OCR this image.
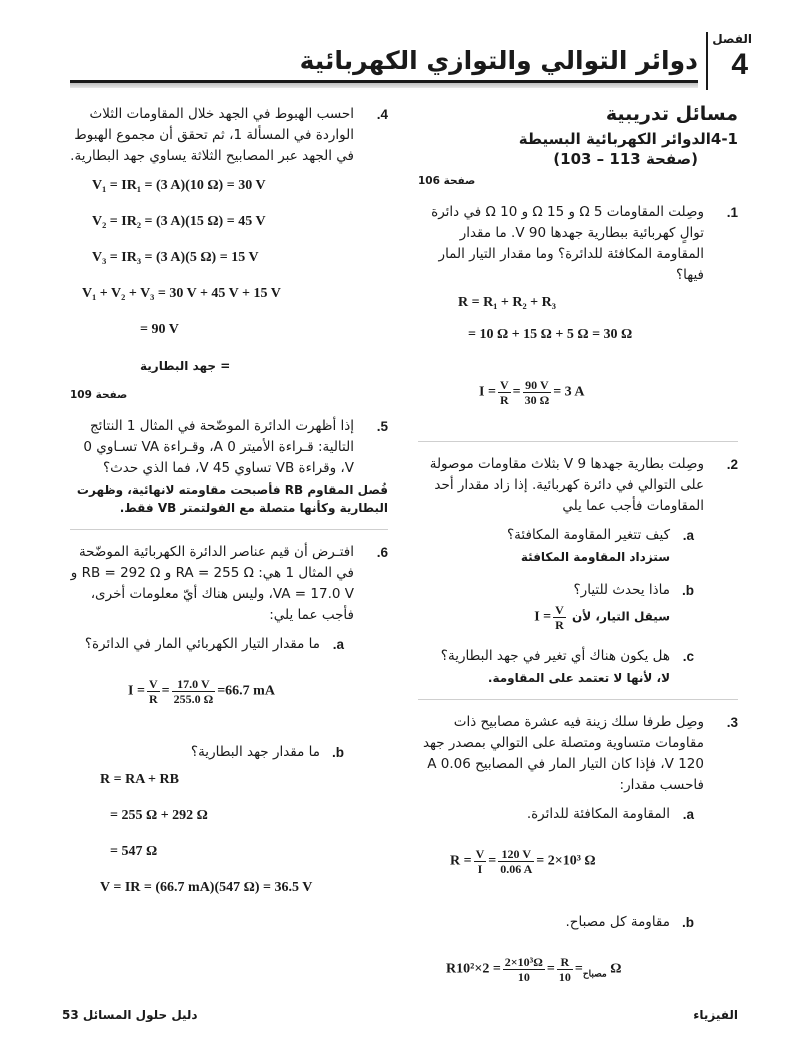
الفصل
4
دوائر التوالي والتوازي الكهربائية
مسائل تدريبية
4-1الدوائر الكهربائية البسيطة
(صفحة 113 – 103)
صفحة 106
1.
وصِلت المقاومات Ω 5 و Ω 15 و Ω 10 في دائرة توالٍ كهربائية ببطارية جهدها 90 V. ما مقدار المقاومة المكافئة للدائرة؟ وما مقدار التيار المار فيها؟
R = R₁ + R₂ + R₃
= 10 Ω + 15 Ω + 5 Ω = 30 Ω

$I = \frac{V}{R} = \frac{90 V}{30 \Omega} = 3$ A

2.
وصِلت بطارية جهدها 9 V بثلاث مقاومات موصولة على التوالي في دائرة كهربائية. إذا زاد مقدار أحد المقاومات فأجب عما يلي
a.
كيف تتغير المقاومة المكافئة؟
ستزداد المقاومة المكافئة
b.
ماذا يحدث للتيار؟
سيقل التيار، لأن $I = \frac{V}{R}$
c.
هل يكون هناك أي تغير في جهد البطارية؟
لا، لأنها لا تعتمد على المقاومة.
3.
وصِل طرفا سلك زينة فيه عشرة مصابيح ذات مقاومات متساوية ومتصلة على التوالي بمصدر جهد 120 V، فإذا كان التيار المار في المصابيح 0.06 A فاحسب مقدار:
a.
المقاومة المكافئة للدائرة.

$R = \frac{V}{I} = \frac{120 V}{0.06 A} = 2\times 10^3$ Ω

b.
مقاومة كل مصباح.

R	$_{مصباح}$=
$\frac{R}{10}$
=
$\frac{\text{2×10³Ω}}{10}$
= 2×10² Ω

4.
احسب الهبوط في الجهد خلال المقاومات الثلاث الواردة في المسألة 1، ثم تحقق أن مجموع الهبوط في الجهد عبر المصابيح الثلاثة يساوي جهد البطارية.
V₁ = IR₁ = (3 A)(10 Ω) = 30 V
V₂ = IR₂ = (3 A)(15 Ω) = 45 V
V₃ = IR₃ = (3 A)(5 Ω) = 15 V
V₁ + V₂ + V₃ = 30 V + 45 V + 15 V
= 90 V
= جهد البطارية
صفحة 109
5.
إذا أظهرت الدائرة الموضّحة في المثال 1 النتائج التالية: قـراءة الأميتر 0 A، وقـراءة VA تسـاوي 0 V، وقراءة VB تساوي 45 V، فما الذي حدث؟
فُصل المقاوم RB فأصبحت مقاومته لانهائية، وظهرت البطارية وكأنها متصلة مع الفولتمتر VB فقط.
6.
افتـرض أن قيم عناصر الدائرة الكهربائية الموضّحة في المثال 1 هي: RA = 255 Ω و RB = 292 Ω و VA = 17.0 V، وليس هناك أيّ معلومات أخرى، فأجب عما يلي:
a.
ما مقدار التيار الكهربائي المار في الدائرة؟

$I = \frac{V}{R} = \frac{17.0 V}{255.0 \Omega} =66.7$ mA

b.
ما مقدار جهد البطارية؟
R = RA + RB
= 255 Ω + 292 Ω
= 547 Ω
V = IR = (66.7 mA)(547 Ω) = 36.5 V
دليل حلول المسائل 53	الفيزياء
